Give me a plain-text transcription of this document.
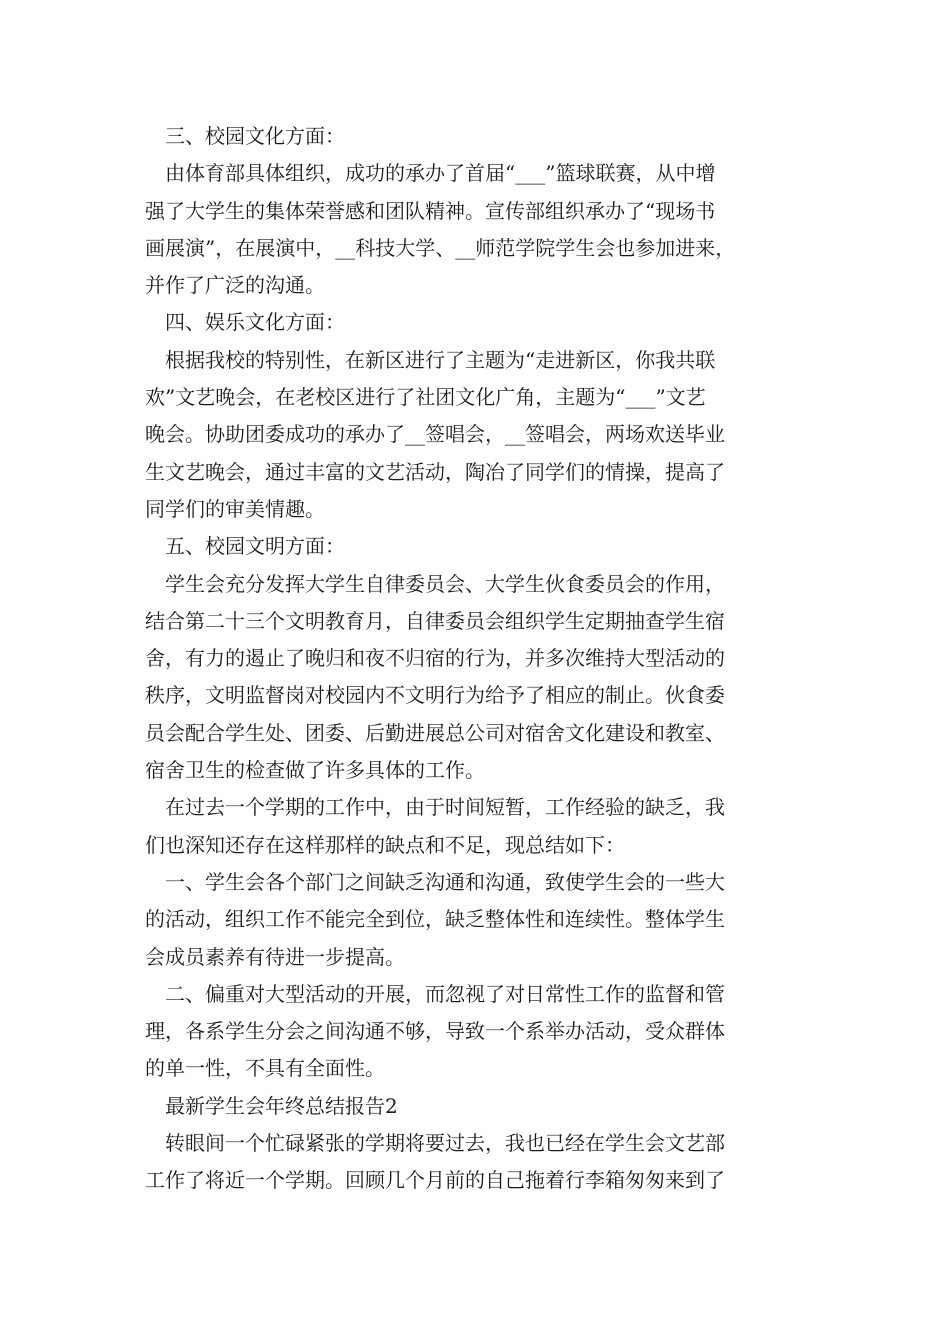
三、校园文化方面：
由体育部具体组织，成功的承办了首届“___”篮球联赛，从中增
强了大学生的集体荣誉感和团队精神。宣传部组织承办了“现场书
画展演”，在展演中，__科技大学、__师范学院学生会也参加进来，
并作了广泛的沟通。
四、娱乐文化方面：
根据我校的特别性，在新区进行了主题为“走进新区，你我共联
欢”文艺晚会，在老校区进行了社团文化广角，主题为“___”文艺
晚会。协助团委成功的承办了__签唱会，__签唱会，两场欢送毕业
生文艺晚会，通过丰富的文艺活动，陶冶了同学们的情操，提高了
同学们的审美情趣。
五、校园文明方面：
学生会充分发挥大学生自律委员会、大学生伙食委员会的作用，
结合第二十三个文明教育月，自律委员会组织学生定期抽查学生宿
舍，有力的遏止了晚归和夜不归宿的行为，并多次维持大型活动的
秩序，文明监督岗对校园内不文明行为给予了相应的制止。伙食委
员会配合学生处、团委、后勤进展总公司对宿舍文化建设和教室、
宿舍卫生的检查做了许多具体的工作。
在过去一个学期的工作中，由于时间短暂，工作经验的缺乏，我
们也深知还存在这样那样的缺点和不足，现总结如下：
一、学生会各个部门之间缺乏沟通和沟通，致使学生会的一些大
的活动，组织工作不能完全到位，缺乏整体性和连续性。整体学生
会成员素养有待进一步提高。
二、偏重对大型活动的开展，而忽视了对日常性工作的监督和管
理，各系学生分会之间沟通不够，导致一个系举办活动，受众群体
的单一性，不具有全面性。
最新学生会年终总结报告2
转眼间一个忙碌紧张的学期将要过去，我也已经在学生会文艺部
工作了将近一个学期。回顾几个月前的自己拖着行李箱匆匆来到了
